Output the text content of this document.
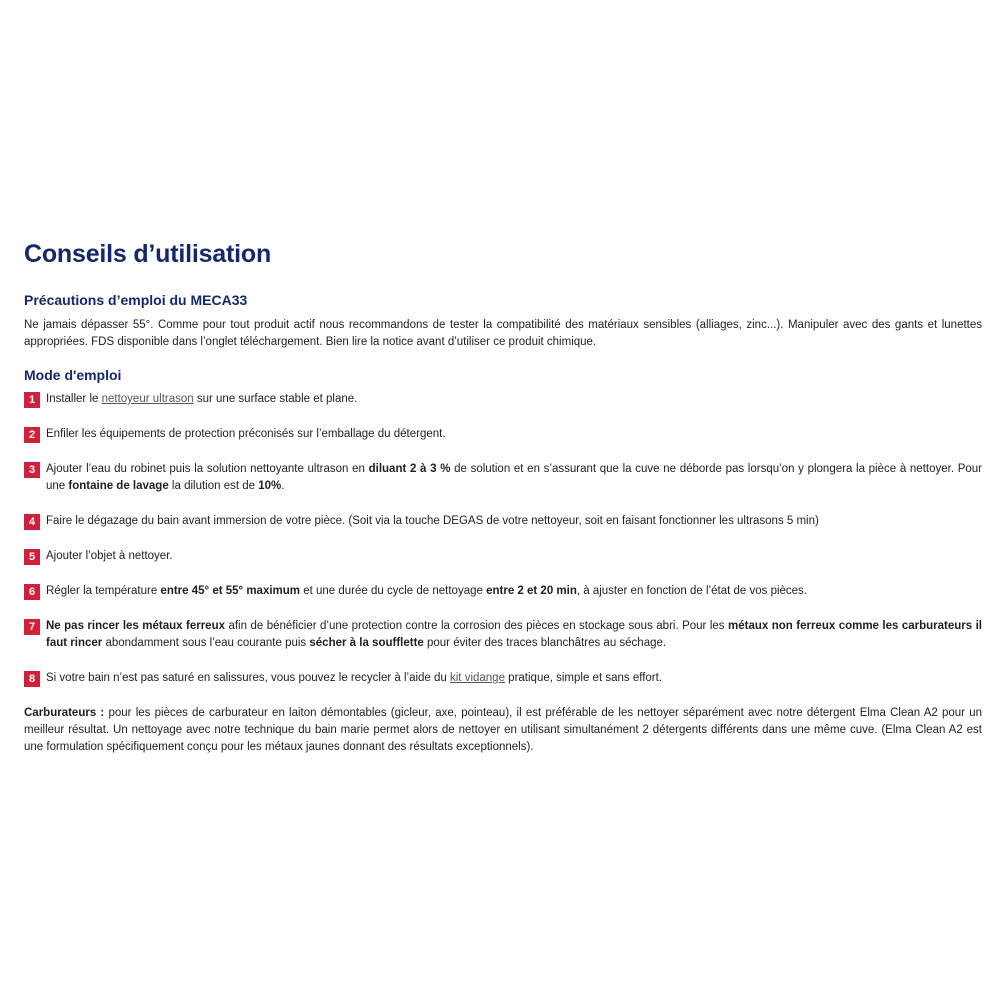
Conseils d’utilisation
Précautions d’emploi du MECA33

Ne jamais dépasser 55°. Comme pour tout produit actif nous recommandons de tester la compatibilité des matériaux sensibles (alliages, zinc...). Manipuler avec des gants et lunettes appropriées. FDS disponible dans l’onglet téléchargement. Bien lire la notice avant d’utiliser ce produit chimique.

Mode d'emploi
1 Installer le nettoyeur ultrason sur une surface stable et plane.
2 Enfiler les équipements de protection préconisés sur l’emballage du détergent.
3 Ajouter l’eau du robinet puis la solution nettoyante ultrason en diluant 2 à 3 % de solution et en s’assurant que la cuve ne déborde pas lorsqu’on y plongera la pièce à nettoyer. Pour une fontaine de lavage la dilution est de 10%.
4 Faire le dégazage du bain avant immersion de votre pièce. (Soit via la touche DEGAS de votre nettoyeur, soit en faisant fonctionner les ultrasons 5 min)
5 Ajouter l’objet à nettoyer.
6 Régler la température entre 45° et 55° maximum et une durée du cycle de nettoyage entre 2 et 20 min, à ajuster en fonction de l’état de vos pièces.
7 Ne pas rincer les métaux ferreux afin de bénéficier d’une protection contre la corrosion des pièces en stockage sous abri. Pour les métaux non ferreux comme les carburateurs il faut rincer abondamment sous l’eau courante puis sécher à la soufflette pour éviter des traces blanchâtres au séchage.
8 Si votre bain n’est pas saturé en salissures, vous pouvez le recycler à l’aide du kit vidange pratique, simple et sans effort.

Carburateurs : pour les pièces de carburateur en laiton démontables (gicleur, axe, pointeau), il est préférable de les nettoyer séparément avec notre détergent Elma Clean A2 pour un meilleur résultat. Un nettoyage avec notre technique du bain marie permet alors de nettoyer en utilisant simultanément 2 détergents différents dans une même cuve. (Elma Clean A2 est une formulation spécifiquement conçu pour les métaux jaunes donnant des résultats exceptionnels).
